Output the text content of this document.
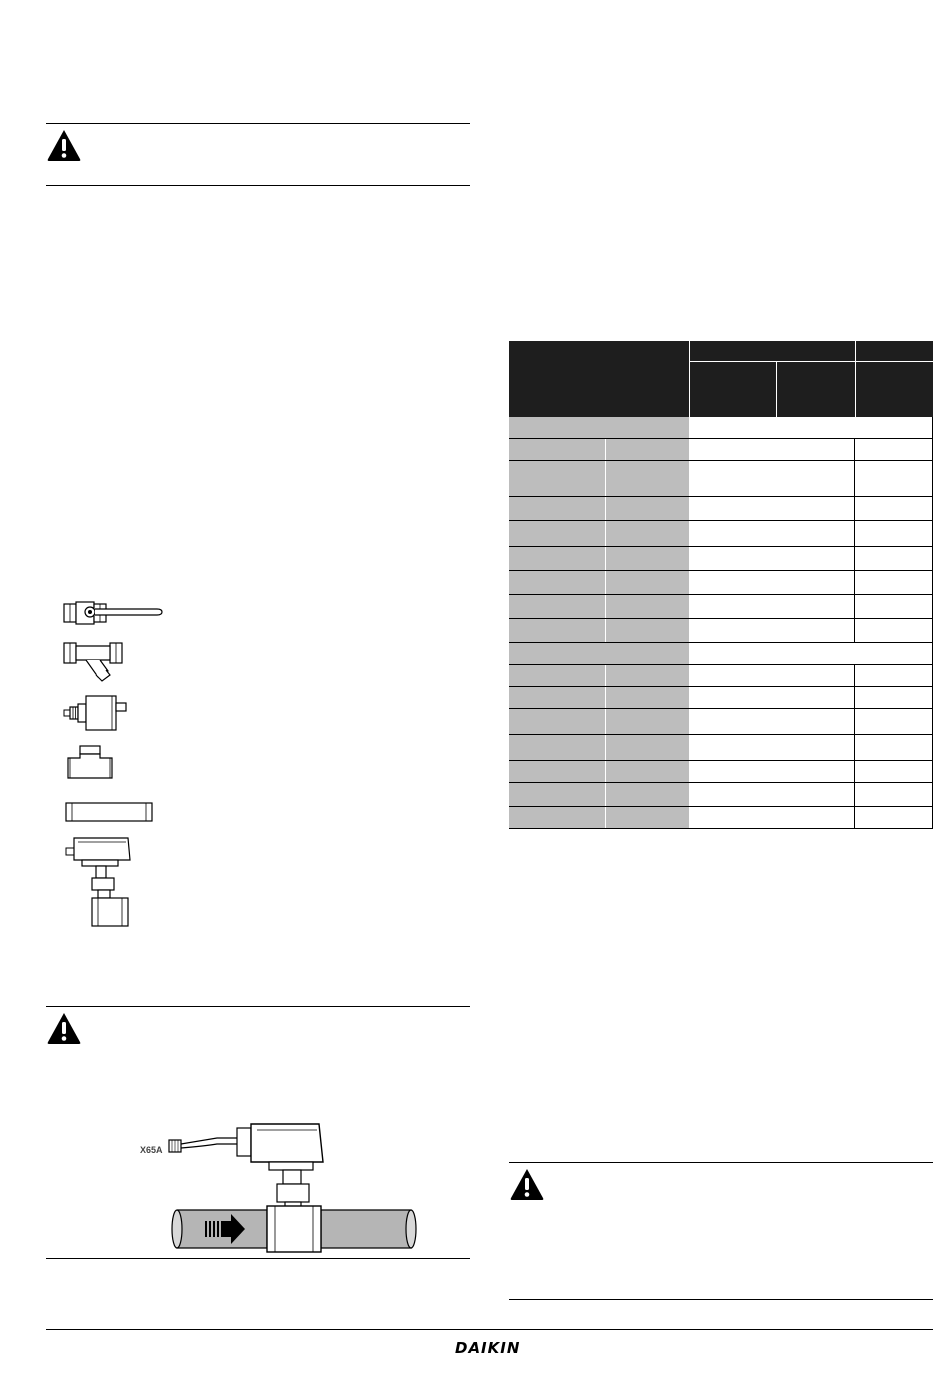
X65A
DAIKIN
